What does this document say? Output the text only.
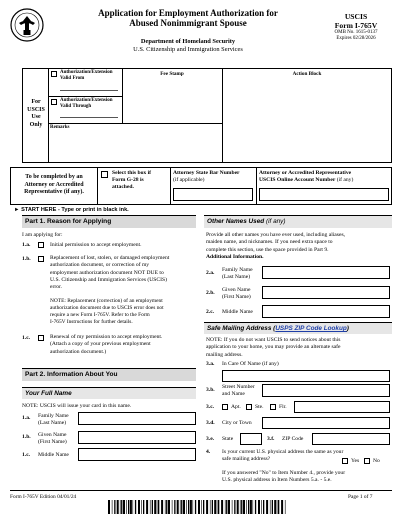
Application for Employment Authorization for
Abused Nonimmigrant Spouse
Department of Homeland Security
U.S. Citizenship and Immigration Services
USCIS
Form I-765V
OMB No. 1615-0137
Expires 02/28/2026
For
USCIS
Use
Only
Authorization/Extension Valid From
Authorization/Extension Valid Through
Remarks
Fee Stamp	Action Block
To be completed by an
Attorney or Accredited
Representative (if any).
Select this box if
Form G-28 is
attached.
Attorney State Bar Number
(if applicable)
Attorney or Accredited Representative
USCIS Online Account Number (if any)
► START HERE - Type or print in black ink.
Part 1. Reason for Applying
I am applying for:
1.a.	Initial permission to accept employment.
1.b.	Replacement of lost, stolen, or damaged employment
authorization document, or correction of my
employment authorization document NOT DUE to
U.S. Citizenship and Immigration Services (USCIS)
error.
NOTE: Replacement (correction) of an employment
authorization document due to USCIS error does not
require a new Form I-765V. Refer to the Form
I-765V Instructions for further details.
1.c.	Renewal of my permission to accept employment.
(Attach a copy of your previous employment
authorization document.)
Part 2. Information About You
Your Full Name
NOTE: USCIS will issue your card in this name.
1.a. Family Name
(Last Name)
1.b. Given Name
(First Name)
1.c. Middle Name
Other Names Used (if any)
Provide all other names you have ever used, including aliases,
maiden name, and nicknames. If you need extra space to
complete this section, use the space provided in Part 9.
Additional Information.
2.a. Family Name
(Last Name)
2.b. Given Name
(First Name)
2.c. Middle Name
Safe Mailing Address (USPS ZIP Code Lookup)
NOTE: If you do not want USCIS to send notices about this
application to your home, you may provide an alternate safe
mailing address.
3.a. In Care Of Name (if any)
3.b. Street Number
and Name
3.c.	Apt.	Ste.	Flr.
3.d. City or Town
3.e. State	3.f. ZIP Code
4. Is your current U.S. physical address the same as your
safe mailing address?	Yes No
If you answered "No" to Item Number 4., provide your
U.S. physical address in Item Numbers 5.a. - 5.e.
Form I-765V Edition 04/01/24	Page 1 of 7
